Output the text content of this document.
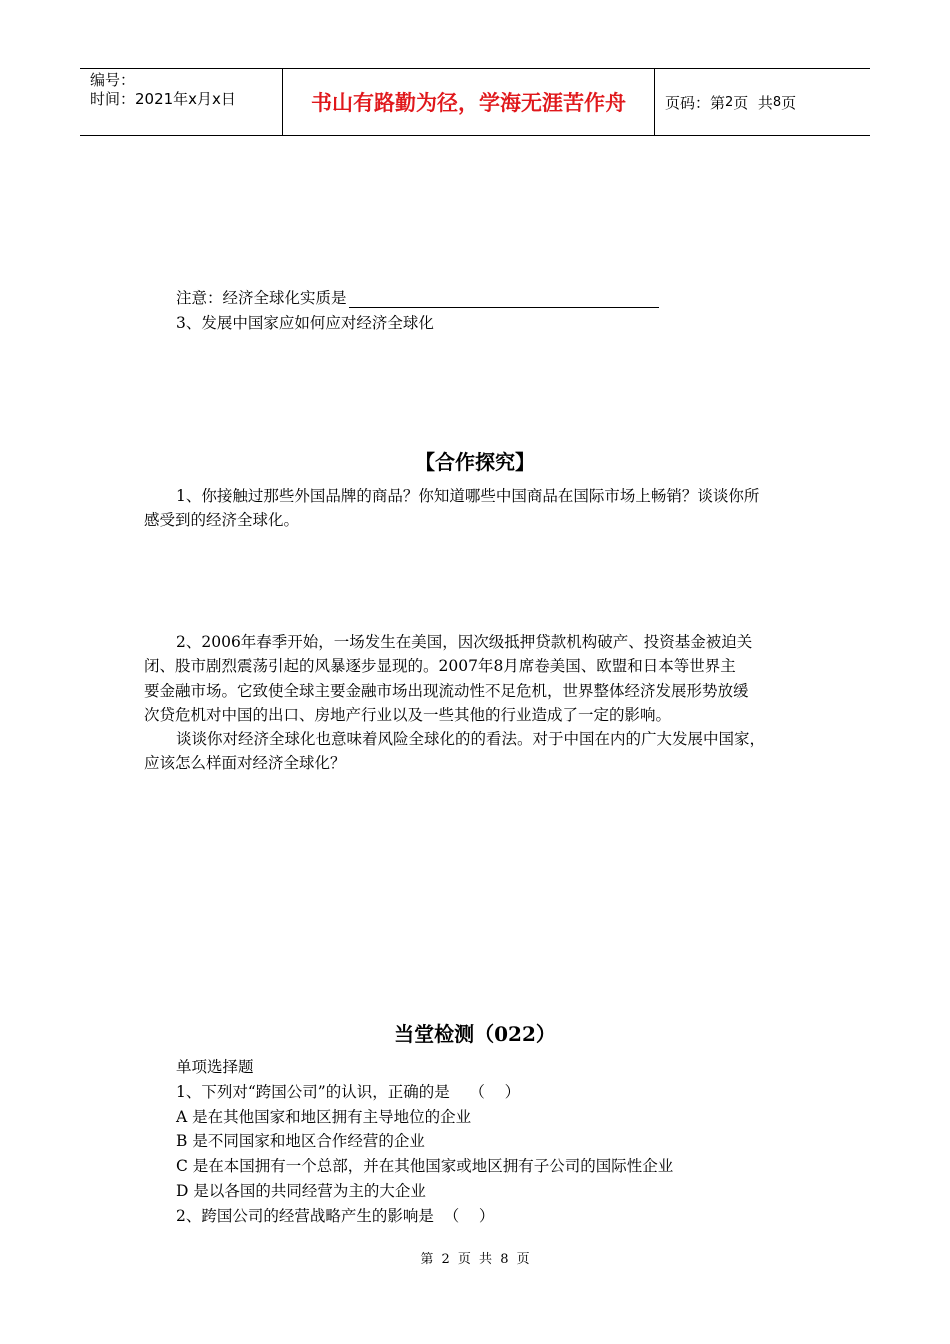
编号：
时间：2021年x月x日	书山有路勤为径，学海无涯苦作舟	页码：第 2 页  共 8 页
注意：经济全球化实质是
3、发展中国家应如何应对经济全球化
【合作探究】

1、你接触过那些外国品牌的商品？你知道哪些中国商品在国际市场上畅销？谈谈你所

感受到的经济全球化。

2、2006年春季开始，一场发生在美国，因次级抵押贷款机构破产、投资基金被迫关

闭、股市剧烈震荡引起的风暴逐步显现的。2007年8月席卷美国、欧盟和日本等世界主

要金融市场。它致使全球主要金融市场出现流动性不足危机，世界整体经济发展形势放缓

次贷危机对中国的出口、房地产行业以及一些其他的行业造成了一定的影响。

谈谈你对经济全球化也意味着风险全球化的的看法。对于中国在内的广大发展中国家，

应该怎么样面对经济全球化？

当堂检测（022）

单项选择题

1、下列对“跨国公司”的认识，正确的是    （    ）

A 是在其他国家和地区拥有主导地位的企业

B 是不同国家和地区合作经营的企业

C 是在本国拥有一个总部，并在其他国家或地区拥有子公司的国际性企业

D 是以各国的共同经营为主的大企业

2、跨国公司的经营战略产生的影响是  （    ）

第 2 页 共 8 页
